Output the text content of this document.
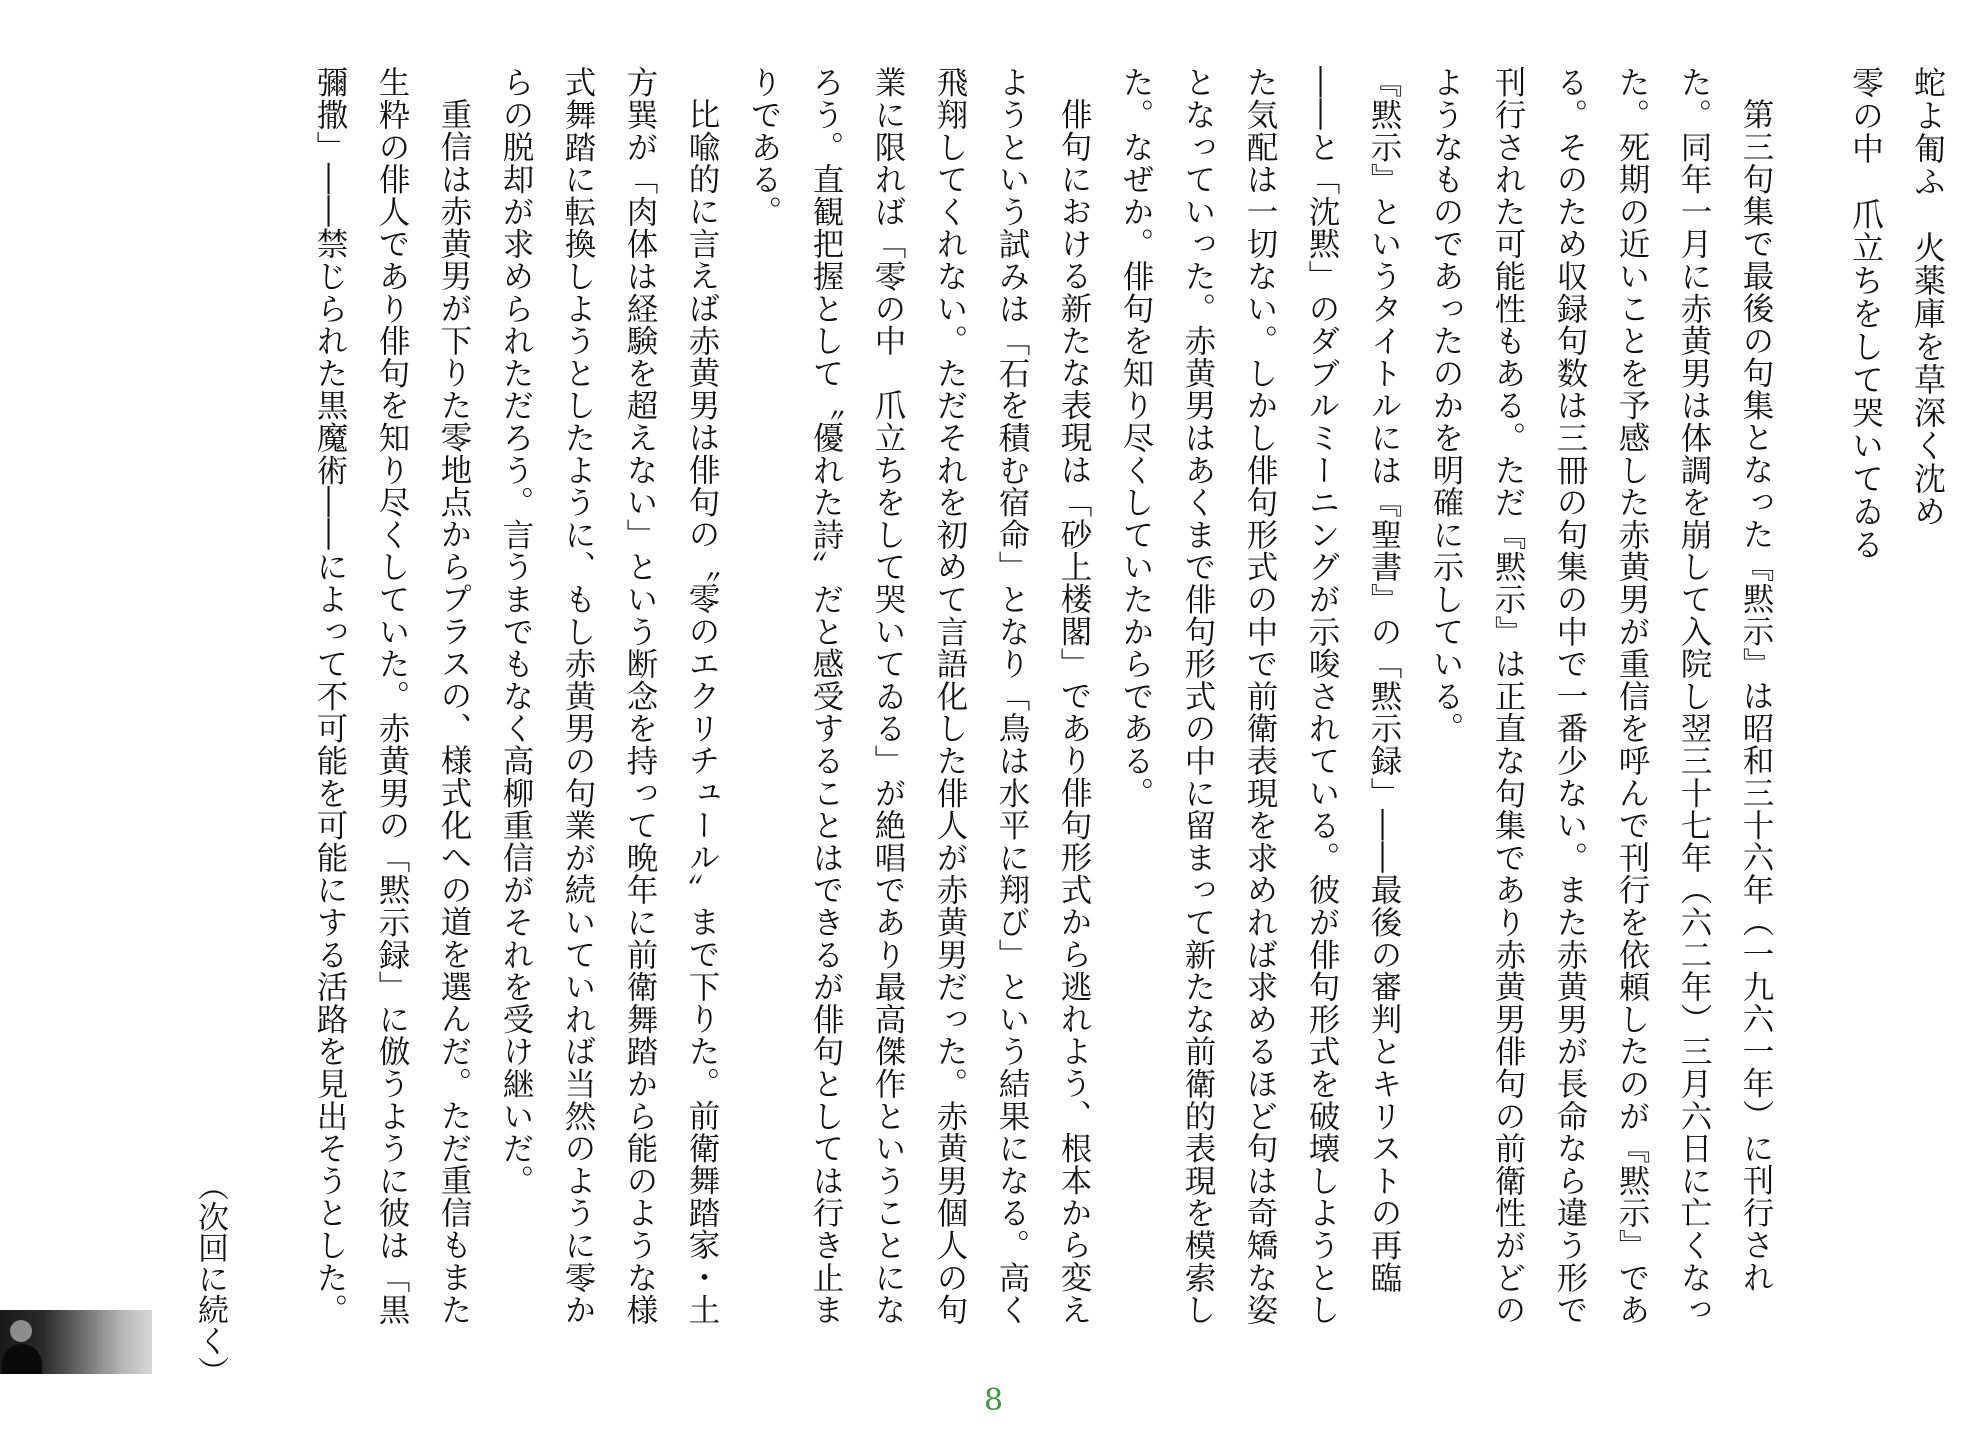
蛇よ匍ふ　火薬庫を草深く沈め
零の中　爪立ちをして哭いてゐる
第三句集で最後の句集となった『黙示』は昭和三十六年（一九六一年）に刊行された。同年一月に赤黄男は体調を崩して入院し翌三十七年（六二年）三月六日に亡くなった。死期の近いことを予感した赤黄男が重信を呼んで刊行を依頼したのが『黙示』である。そのため収録句数は三冊の句集の中で一番少ない。また赤黄男が長命なら違う形で刊行された可能性もある。ただ『黙示』は正直な句集であり赤黄男俳句の前衛性がどのようなものであったのかを明確に示している。
『黙示』というタイトルには『聖書』の「黙示録」――最後の審判とキリストの再臨――と「沈黙」のダブルミーニングが示唆されている。彼が俳句形式を破壊しようとした気配は一切ない。しかし俳句形式の中で前衛表現を求めれば求めるほど句は奇矯な姿となっていった。赤黄男はあくまで俳句形式の中に留まって新たな前衛的表現を模索した。なぜか。俳句を知り尽くしていたからである。
俳句における新たな表現は「砂上楼閣」であり俳句形式から逃れよう、根本から変えようという試みは「石を積む宿命」となり「鳥は水平に翔び」という結果になる。高く飛翔してくれない。ただそれを初めて言語化した俳人が赤黄男だった。赤黄男個人の句業に限れば「零の中　爪立ちをして哭いてゐる」が絶唱であり最高傑作ということになろう。直観把握として〝優れた詩〟だと感受することはできるが俳句としては行き止まりである。
比喩的に言えば赤黄男は俳句の〝零のエクリチュール〟まで下りた。前衛舞踏家・土方巽が「肉体は経験を超えない」という断念を持って晩年に前衛舞踏から能のような様式舞踏に転換しようとしたように、もし赤黄男の句業が続いていれば当然のように零からの脱却が求められただろう。言うまでもなく高柳重信がそれを受け継いだ。
重信は赤黄男が下りた零地点からプラスの、様式化への道を選んだ。ただ重信もまた生粋の俳人であり俳句を知り尽くしていた。赤黄男の「黙示録」に倣うように彼は「黒彌撒」――禁じられた黒魔術――によって不可能を可能にする活路を見出そうとした。
（次回に続く）
8
